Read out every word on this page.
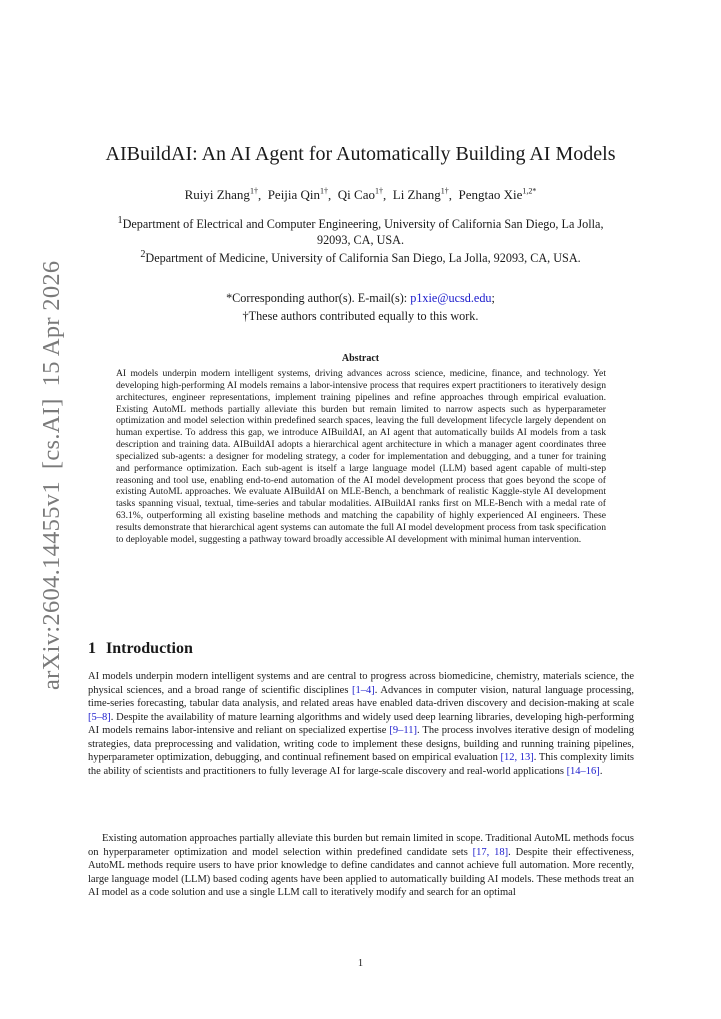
arXiv:2604.14455v1[cs.AI]15 Apr 2026
AIBuildAI: An AI Agent for Automatically Building AI Models
Ruiyi Zhang$^{1\dagger}$,  Peijia Qin$^{1\dagger}$,  Qi Cao$^{1\dagger}$,  Li Zhang$^{1\dagger}$,  Pengtao Xie$^{1,2*}$
$^1$Department of Electrical and Computer Engineering, University of California San Diego, La Jolla, 92093, CA, USA.
$^2$Department of Medicine, University of California San Diego, La Jolla, 92093, CA, USA.
*Corresponding author(s). E-mail(s): p1xie@ucsd.edu;
†These authors contributed equally to this work.
Abstract

AI models underpin modern intelligent systems, driving advances across science, medicine, finance, and technology. Yet developing high-performing AI models remains a labor-intensive process that requires expert practitioners to iteratively design architectures, engineer representations, implement training pipelines and refine approaches through empirical evaluation. Existing AutoML methods partially alleviate this burden but remain limited to narrow aspects such as hyperparameter optimization and model selection within predefined search spaces, leaving the full development lifecycle largely dependent on human expertise. To address this gap, we introduce AIBuildAI, an AI agent that automatically builds AI models from a task description and training data. AIBuildAI adopts a hierarchical agent architecture in which a manager agent coordinates three specialized sub-agents: a designer for modeling strategy, a coder for implementation and debugging, and a tuner for training and performance optimization. Each sub-agent is itself a large language model (LLM) based agent capable of multi-step reasoning and tool use, enabling end-to-end automation of the AI model development process that goes beyond the scope of existing AutoML approaches. We evaluate AIBuildAI on MLE-Bench, a benchmark of realistic Kaggle-style AI development tasks spanning visual, textual, time-series and tabular modalities. AIBuildAI ranks first on MLE-Bench with a medal rate of 63.1%, outperforming all existing baseline methods and matching the capability of highly experienced AI engineers. These results demonstrate that hierarchical agent systems can automate the full AI model development process from task specification to deployable model, suggesting a pathway toward broadly accessible AI development with minimal human intervention.

1 Introduction

AI models underpin modern intelligent systems and are central to progress across biomedicine, chemistry, materials science, the physical sciences, and a broad range of scientific disciplines [1–4]. Advances in computer vision, natural language processing, time-series forecasting, tabular data analysis, and related areas have enabled data-driven discovery and decision-making at scale [5–8]. Despite the availability of mature learning algorithms and widely used deep learning libraries, developing high-performing AI models remains labor-intensive and reliant on specialized expertise [9–11]. The process involves iterative design of modeling strategies, data preprocessing and validation, writing code to implement these designs, building and running training pipelines, hyperparameter optimization, debugging, and continual refinement based on empirical evaluation [12, 13]. This complexity limits the ability of scientists and practitioners to fully leverage AI for large-scale discovery and real-world applications [14–16].

Existing automation approaches partially alleviate this burden but remain limited in scope. Traditional AutoML methods focus on hyperparameter optimization and model selection within predefined candidate sets [17, 18]. Despite their effectiveness, AutoML methods require users to have prior knowledge to define candidates and cannot achieve full automation. More recently, large language model (LLM) based coding agents have been applied to automatically building AI models. These methods treat an AI model as a code solution and use a single LLM call to iteratively modify and search for an optimal

1
